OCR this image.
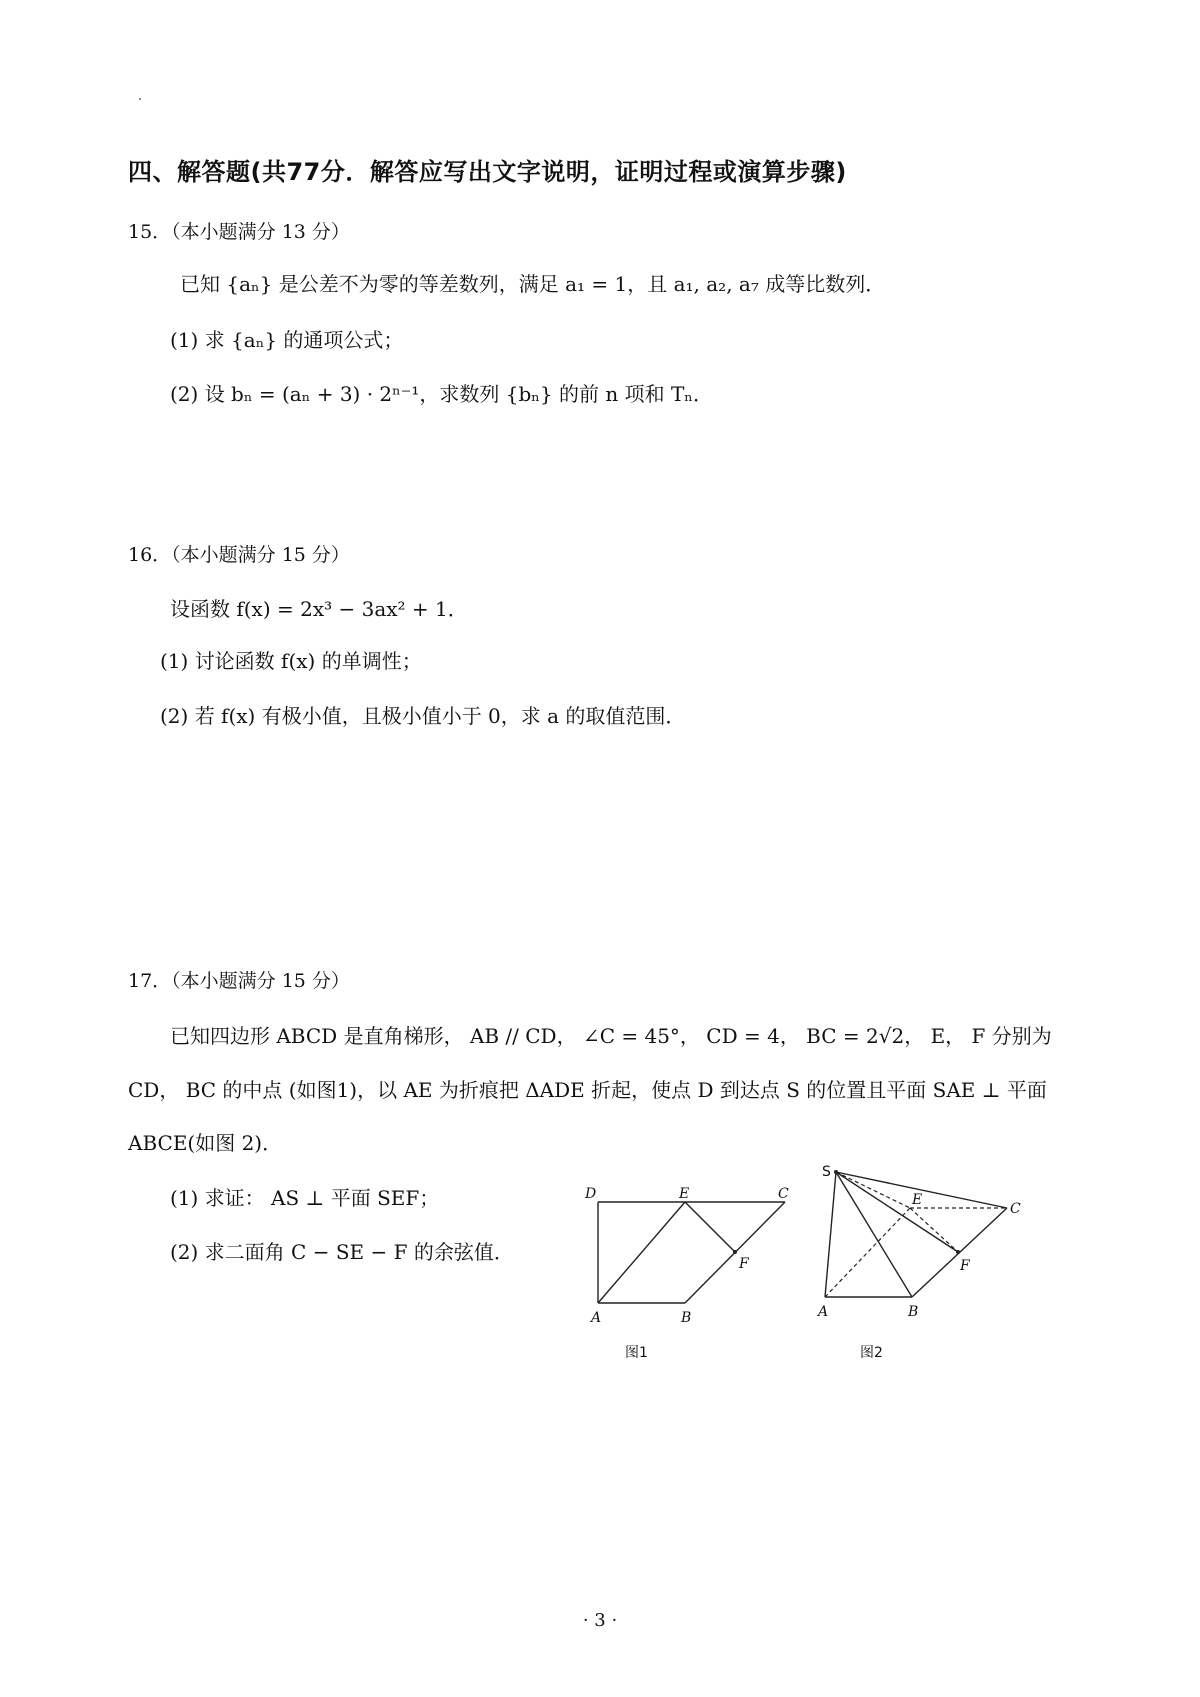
四、解答题(共77分．解答应写出文字说明，证明过程或演算步骤)
15．（本小题满分 13 分）
已知 {aₙ} 是公差不为零的等差数列，满足 a₁ = 1，且 a₁, a₂, a₇ 成等比数列．
(1) 求 {aₙ} 的通项公式；
(2) 设 bₙ = (aₙ + 3) · 2ⁿ⁻¹，求数列 {bₙ} 的前 n 项和 Tₙ．
16．（本小题满分 15 分）
设函数 f(x) = 2x³ − 3ax² + 1．
(1) 讨论函数 f(x) 的单调性；
(2) 若 f(x) 有极小值，且极小值小于 0，求 a 的取值范围．
17．（本小题满分 15 分）
已知四边形 ABCD 是直角梯形， AB // CD， ∠C = 45°， CD = 4， BC = 2√2， E， F 分别为
CD， BC 的中点 (如图1)，以 AE 为折痕把 ΔADE 折起，使点 D 到达点 S 的位置且平面 SAE ⊥ 平面
ABCE(如图 2)．
(1) 求证： AS ⊥ 平面 SEF；
(2) 求二面角 C − SE − F 的余弦值．
D	E	C
F
A	B
图1
S
E
C
F
A	B
图2
· 3 ·
